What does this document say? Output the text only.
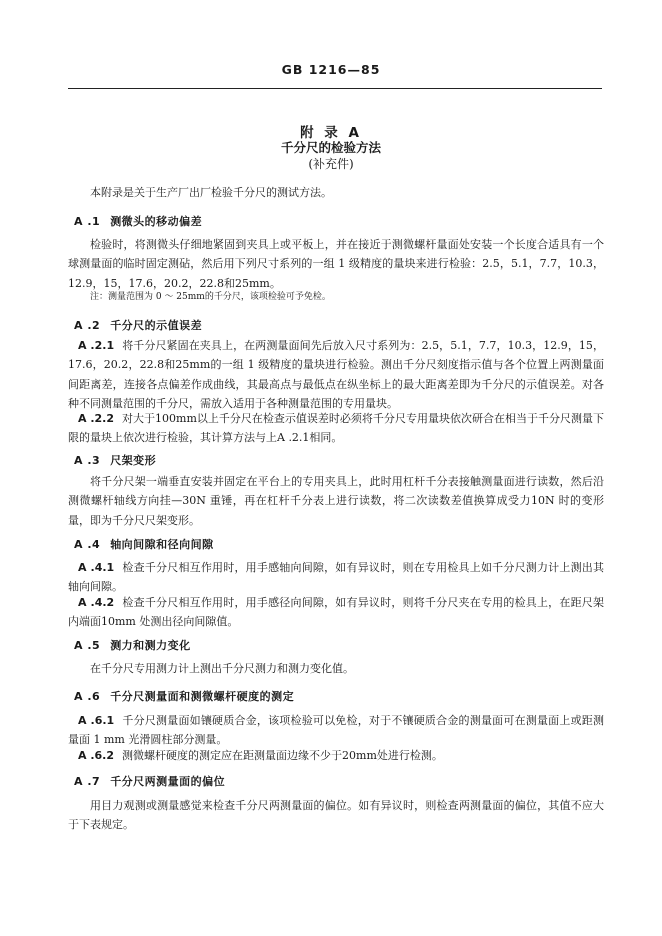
GB 1216—85
附 录 A
千分尺的检验方法
(补充件)
本附录是关于生产厂出厂检验千分尺的测试方法。
A .1 测微头的移动偏差
检验时，将测微头仔细地紧固到夹具上或平板上，并在接近于测微螺杆量面处安装一个长度合适具有一个球测量面的临时固定测砧，然后用下列尺寸系列的一组 1 级精度的量块来进行检验：2.5，5.1，7.7，10.3，12.9，15，17.6，20.2，22.8和25mm。
注：测量范围为 0 ～ 25mm的千分尺，该项检验可予免检。
A .2 千分尺的示值误差
A .2.1 将千分尺紧固在夹具上，在两测量面间先后放入尺寸系列为：2.5，5.1，7.7，10.3，12.9，15，17.6，20.2，22.8和25mm的一组 1 级精度的量块进行检验。测出千分尺刻度指示值与各个位置上两测量面间距离差，连接各点偏差作成曲线，其最高点与最低点在纵坐标上的最大距离差即为千分尺的示值误差。对各种不同测量范围的千分尺，需放入适用于各种测量范围的专用量块。
A .2.2 对大于100mm以上千分尺在检查示值误差时必须将千分尺专用量块依次研合在相当于千分尺测量下限的量块上依次进行检验，其计算方法与上A .2.1相同。
A .3 尺架变形
将千分尺架一端垂直安装并固定在平台上的专用夹具上，此时用杠杆千分表接触测量面进行读数，然后沿测微螺杆轴线方向挂—30N 重锤，再在杠杆千分表上进行读数，将二次读数差值换算成受力10N 时的变形量，即为千分尺尺架变形。
A .4 轴向间隙和径向间隙
A .4.1 检查千分尺相互作用时，用手感轴向间隙，如有异议时，则在专用检具上如千分尺测力计上测出其轴向间隙。
A .4.2 检查千分尺相互作用时，用手感径向间隙，如有异议时，则将千分尺夹在专用的检具上，在距尺架内端面10mm 处测出径向间隙值。
A .5 测力和测力变化
在千分尺专用测力计上测出千分尺测力和测力变化值。
A .6 千分尺测量面和测微螺杆硬度的测定
A .6.1 千分尺测量面如镶硬质合金，该项检验可以免检，对于不镶硬质合金的测量面可在测量面上或距测量面 1 mm 光滑圆柱部分测量。
A .6.2 测微螺杆硬度的测定应在距测量面边缘不少于20mm处进行检测。
A .7 千分尺两测量面的偏位
用目力观测或测量感觉来检查千分尺两测量面的偏位。如有异议时，则检查两测量面的偏位，其值不应大于下表规定。
